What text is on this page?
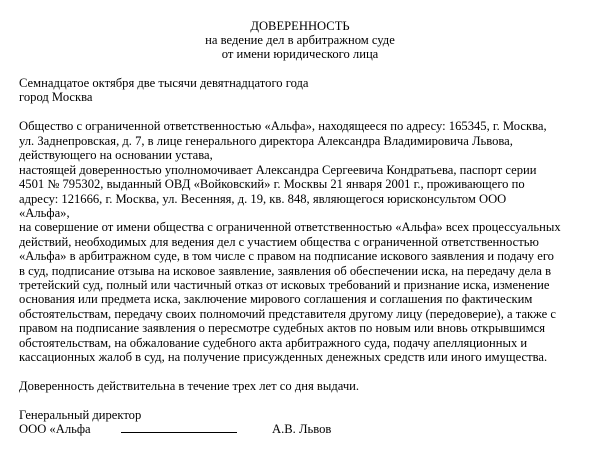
ДОВЕРЕННОСТЬ
на ведение дел в арбитражном суде
от имени юридического лица
Семнадцатое октября две тысячи девятнадцатого года
город Москва
Общество с ограниченной ответственностью «Альфа», находящееся по адресу: 165345, г. Москва,
ул. Заднепровская, д. 7, в лице генерального директора Александра Владимировича Львова,
действующего на основании устава,
настоящей доверенностью уполномочивает Александра Сергеевича Кондратьева, паспорт серии
4501 № 795302, выданный ОВД «Войковский» г. Москвы 21 января 2001 г., проживающего по
адресу: 121666, г. Москва, ул. Весенняя, д. 19, кв. 848, являющегося юрисконсультом ООО
«Альфа»,
на совершение от имени общества с ограниченной ответственностью «Альфа» всех процессуальных
действий, необходимых для ведения дел с участием общества с ограниченной ответственностью
«Альфа» в арбитражном суде, в том числе с правом на подписание искового заявления и подачу его
в суд, подписание отзыва на исковое заявление, заявления об обеспечении иска, на передачу дела в
третейский суд, полный или частичный отказ от исковых требований и признание иска, изменение
основания или предмета иска, заключение мирового соглашения и соглашения по фактическим
обстоятельствам, передачу своих полномочий представителя другому лицу (передоверие), а также с
правом на подписание заявления о пересмотре судебных актов по новым или вновь открывшимся
обстоятельствам, на обжалование судебного акта арбитражного суда, подачу апелляционных и
кассационных жалоб в суд, на получение присужденных денежных средств или иного имущества.
Доверенность действительна в течение трех лет со дня выдачи.
Генеральный директор
ООО «Альфа	А.В. Львов
